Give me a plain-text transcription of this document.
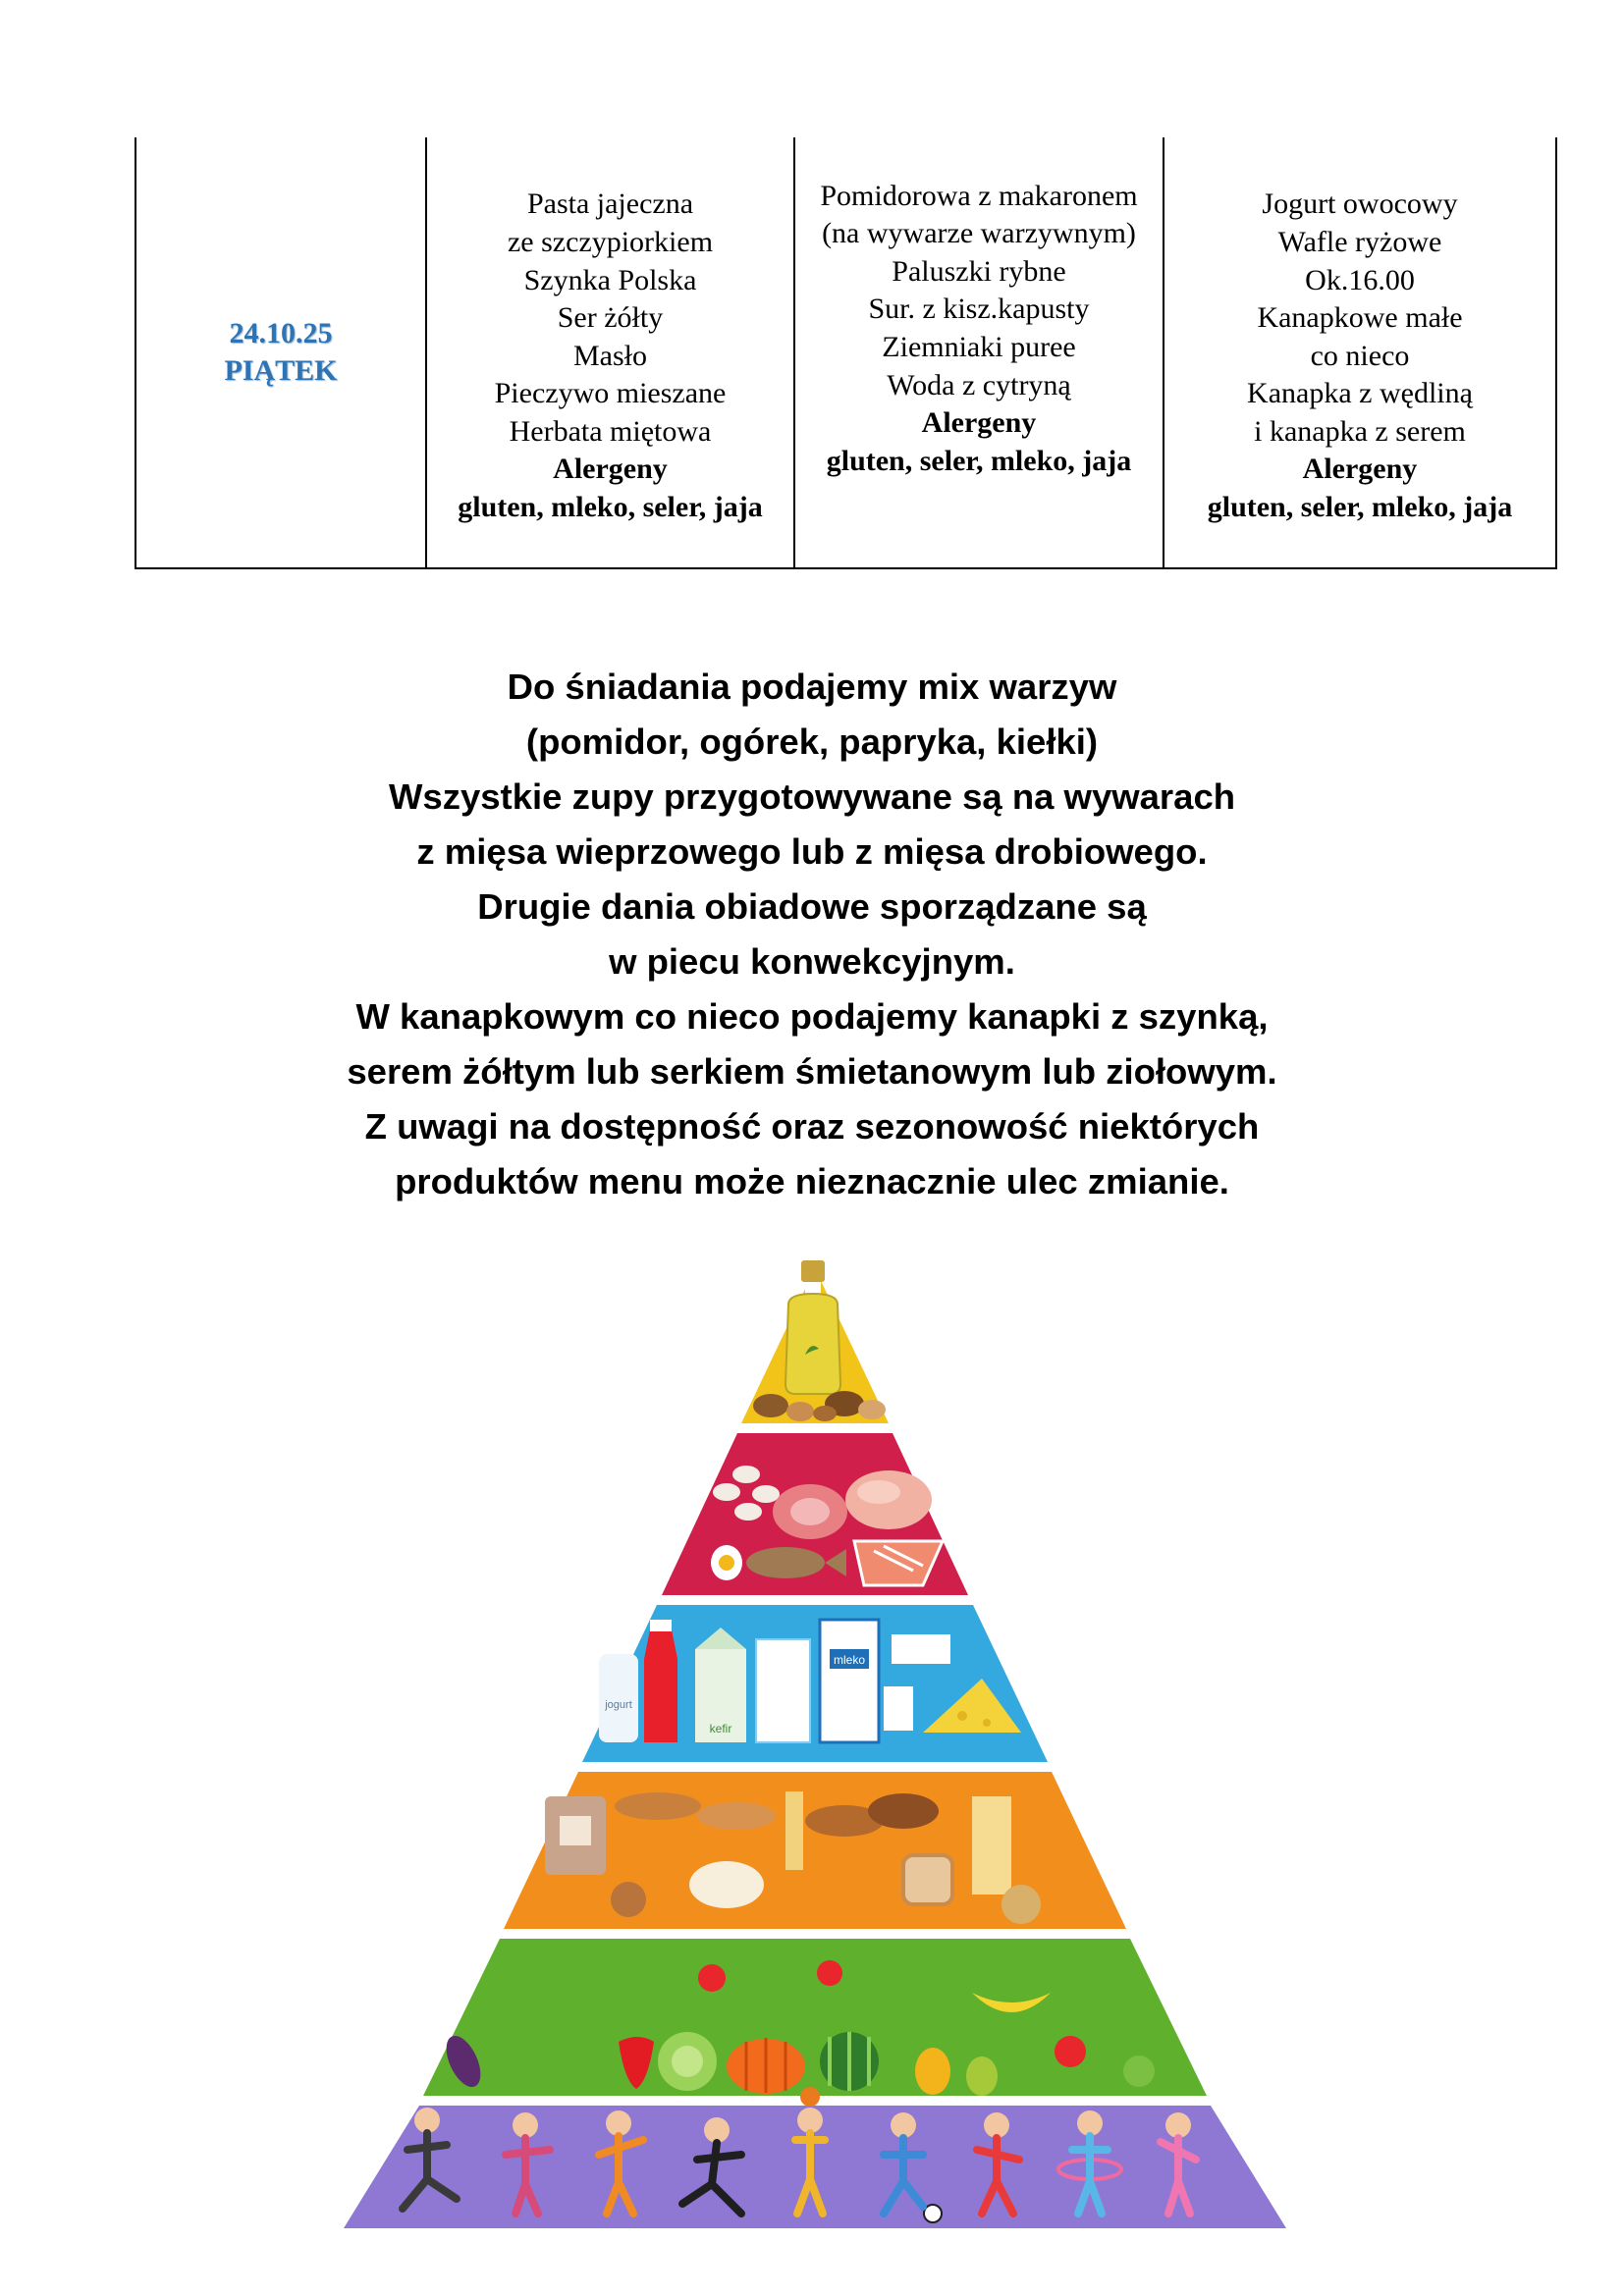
24.10.25
PIĄTEK

Pasta jajeczna
ze szczypiorkiem
Szynka Polska
Ser żółty
Masło
Pieczywo mieszane
Herbata miętowa
Alergeny
gluten, mleko, seler, jaja

Pomidorowa z makaronem
(na wywarze warzywnym)
Paluszki rybne
Sur. z kisz.kapusty
Ziemniaki puree
Woda z cytryną
Alergeny
gluten, seler, mleko, jaja

Jogurt owocowy
Wafle ryżowe
Ok.16.00
Kanapkowe małe
co nieco
Kanapka z wędliną
i kanapka z serem
Alergeny
gluten, seler, mleko, jaja
Do śniadania podajemy mix warzyw
(pomidor, ogórek, papryka, kiełki)
Wszystkie zupy przygotowywane są na wywarach
z mięsa wieprzowego lub z mięsa drobiowego.
Drugie dania obiadowe sporządzane są
w piecu konwekcyjnym.
W kanapkowym co nieco podajemy kanapki z szynką,
serem żółtym lub serkiem śmietanowym lub ziołowym.
Z uwagi na dostępność oraz sezonowość niektórych
produktów menu może nieznacznie ulec zmianie.
jogurt
kefir
mleko
